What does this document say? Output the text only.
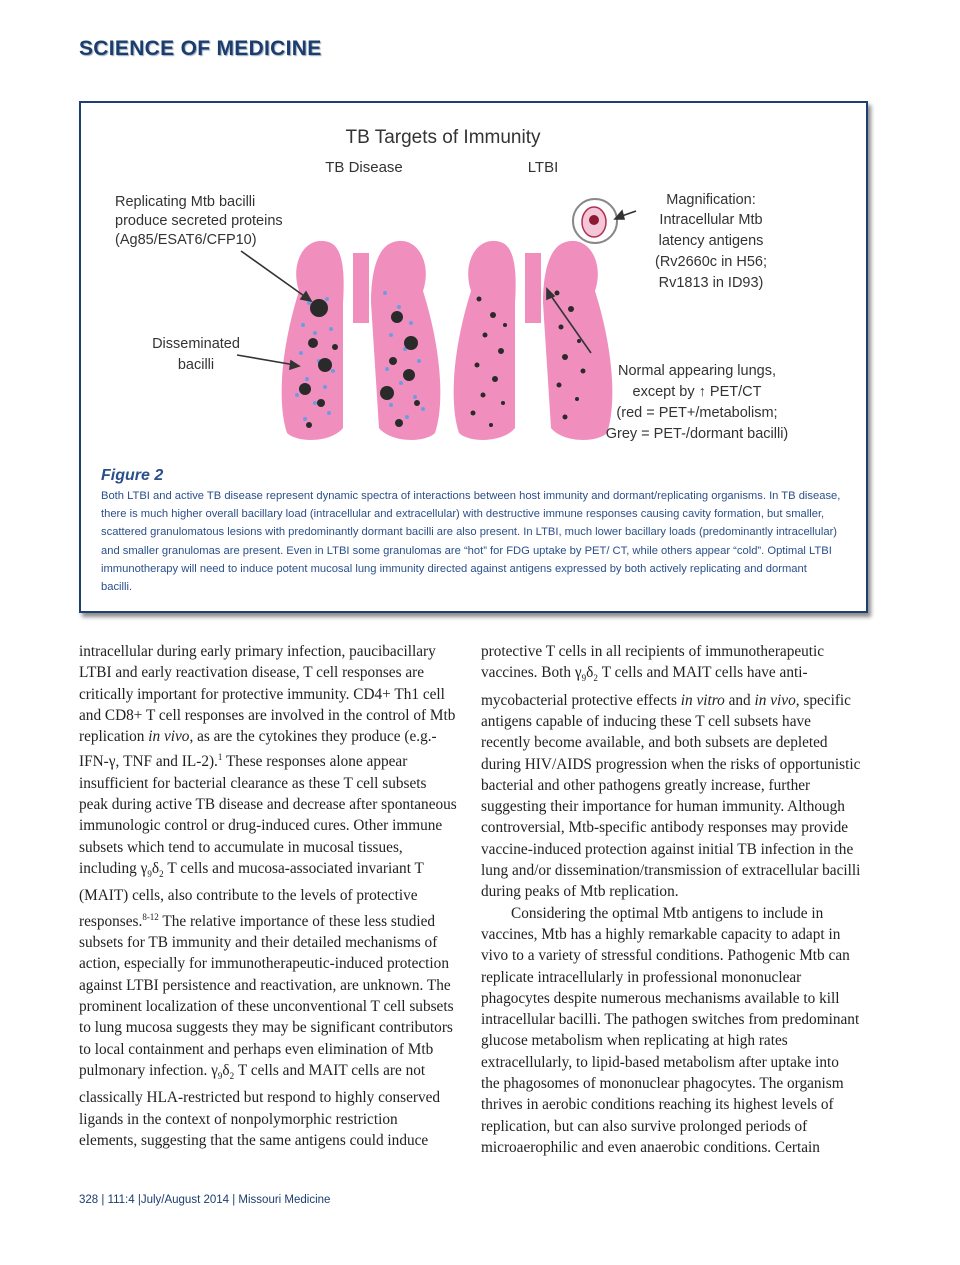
SCIENCE OF MEDICINE
TB Targets of Immunity
TB Disease	LTBI
Replicating Mtb bacilli
produce secreted proteins
(Ag85/ESAT6/CFP10)
Disseminated
bacilli
Magnification:
Intracellular Mtb
latency antigens
(Rv2660c in H56;
Rv1813 in ID93)
Normal appearing lungs,
except by ↑ PET/CT
(red = PET+/metabolism;
Grey = PET-/dormant bacilli)
Figure 2

Both LTBI and active TB disease represent dynamic spectra of interactions between host immunity and dormant/replicating organisms. In TB disease, there is much higher overall bacillary load (intracellular and extracellular) with destructive immune responses causing cavity formation, but smaller, scattered granulomatous lesions with predominantly dormant bacilli are also present. In LTBI, much lower bacillary loads (predominantly intracellular) and smaller granulomas are present. Even in LTBI some granulomas are “hot” for FDG uptake by PET/ CT, while others appear “cold”. Optimal LTBI immunotherapy will need to induce potent mucosal lung immunity directed against antigens expressed by both actively replicating and dormant bacilli.

intracellular during early primary infection, paucibacillary LTBI and early reactivation disease, T cell responses are critically important for protective immunity. CD4+ Th1 cell and CD8+ T cell responses are involved in the control of Mtb replication in vivo, as are the cytokines they produce (e.g.-IFN-γ, TNF and IL-2).$^1$ These responses alone appear insufficient for bacterial clearance as these T cell subsets peak during active TB disease and decrease after spontaneous immunologic control or drug-induced cures. Other immune subsets which tend to accumulate in mucosal tissues, including $\gamma_9\delta_2$ T cells and mucosa-associated invariant T (MAIT) cells, also contribute to the levels of protective responses.$^{8-12}$ The relative importance of these less studied subsets for TB immunity and their detailed mechanisms of action, especially for immunotherapeutic-induced protection against LTBI persistence and reactivation, are unknown. The prominent localization of these unconventional T cell subsets to lung mucosa suggests they may be significant contributors to local containment and perhaps even elimination of Mtb pulmonary infection. $\gamma_9\delta_2$ T cells and MAIT cells are not classically HLA-restricted but respond to highly conserved ligands in the context of nonpolymorphic restriction elements, suggesting that the same antigens could induce

protective T cells in all recipients of immunotherapeutic vaccines. Both $\gamma_9\delta_2$ T cells and MAIT cells have anti-mycobacterial protective effects in vitro and in vivo, specific antigens capable of inducing these T cell subsets have recently become available, and both subsets are depleted during HIV/AIDS progression when the risks of opportunistic bacterial and other pathogens greatly increase, further suggesting their importance for human immunity. Although controversial, Mtb-specific antibody responses may provide vaccine-induced protection against initial TB infection in the lung and/or dissemination/transmission of extracellular bacilli during peaks of Mtb replication.

Considering the optimal Mtb antigens to include in vaccines, Mtb has a highly remarkable capacity to adapt in vivo to a variety of stressful conditions. Pathogenic Mtb can replicate intracellularly in professional mononuclear phagocytes despite numerous mechanisms available to kill intracellular bacilli. The pathogen switches from predominant glucose metabolism when replicating at high rates extracellularly, to lipid-based metabolism after uptake into the phagosomes of mononuclear phagocytes. The organism thrives in aerobic conditions reaching its highest levels of replication, but can also survive prolonged periods of microaerophilic and even anaerobic conditions. Certain

328 | 111:4 |July/August 2014 | Missouri Medicine
